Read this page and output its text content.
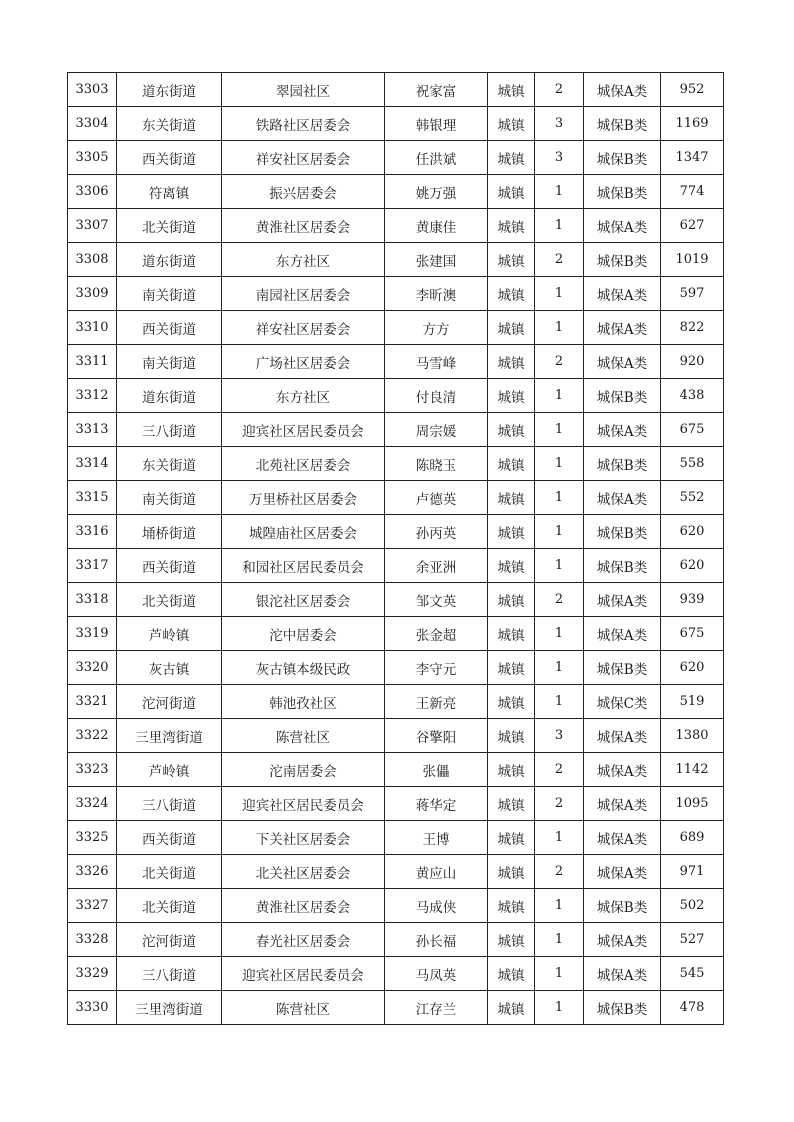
3303	道东街道	翠园社区	祝家富	城镇	2	城保A类	952
3304	东关街道	铁路社区居委会	韩银理	城镇	3	城保B类	1169
3305	西关街道	祥安社区居委会	任洪斌	城镇	3	城保B类	1347
3306	符离镇	振兴居委会	姚万强	城镇	1	城保B类	774
3307	北关街道	黄淮社区居委会	黄康佳	城镇	1	城保A类	627
3308	道东街道	东方社区	张建国	城镇	2	城保B类	1019
3309	南关街道	南园社区居委会	李昕澳	城镇	1	城保A类	597
3310	西关街道	祥安社区居委会	方方	城镇	1	城保A类	822
3311	南关街道	广场社区居委会	马雪峰	城镇	2	城保A类	920
3312	道东街道	东方社区	付良清	城镇	1	城保B类	438
3313	三八街道	迎宾社区居民委员会	周宗媛	城镇	1	城保A类	675
3314	东关街道	北苑社区居委会	陈晓玉	城镇	1	城保B类	558
3315	南关街道	万里桥社区居委会	卢德英	城镇	1	城保A类	552
3316	埇桥街道	城隍庙社区居委会	孙丙英	城镇	1	城保B类	620
3317	西关街道	和园社区居民委员会	余亚洲	城镇	1	城保B类	620
3318	北关街道	银沱社区居委会	邹文英	城镇	2	城保A类	939
3319	芦岭镇	沱中居委会	张金超	城镇	1	城保A类	675
3320	灰古镇	灰古镇本级民政	李守元	城镇	1	城保B类	620
3321	沱河街道	韩池孜社区	王新亮	城镇	1	城保C类	519
3322	三里湾街道	陈营社区	谷擎阳	城镇	3	城保A类	1380
3323	芦岭镇	沱南居委会	张儡	城镇	2	城保A类	1142
3324	三八街道	迎宾社区居民委员会	蒋华定	城镇	2	城保A类	1095
3325	西关街道	下关社区居委会	王博	城镇	1	城保A类	689
3326	北关街道	北关社区居委会	黄应山	城镇	2	城保A类	971
3327	北关街道	黄淮社区居委会	马成侠	城镇	1	城保B类	502
3328	沱河街道	春光社区居委会	孙长福	城镇	1	城保A类	527
3329	三八街道	迎宾社区居民委员会	马凤英	城镇	1	城保A类	545
3330	三里湾街道	陈营社区	江存兰	城镇	1	城保B类	478
